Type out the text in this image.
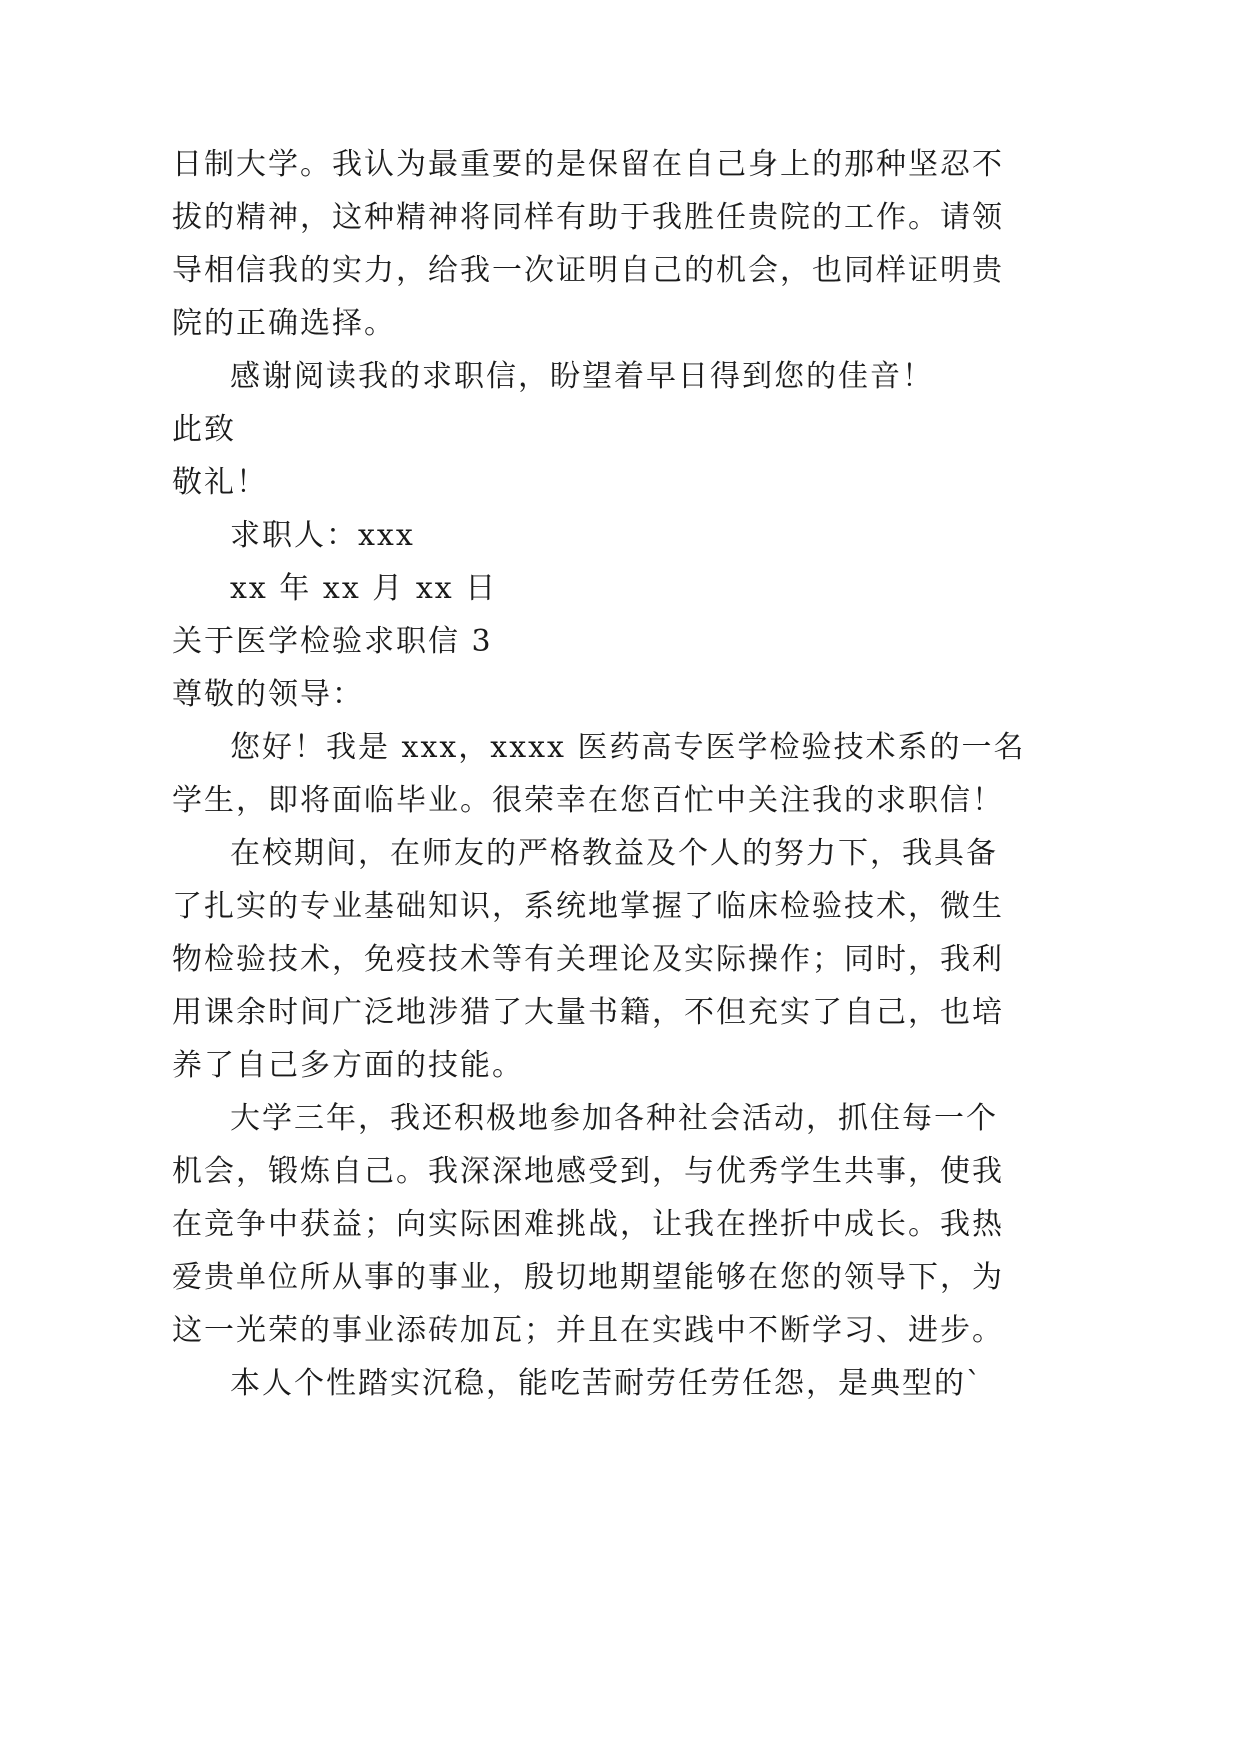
日制大学。我认为最重要的是保留在自己身上的那种坚忍不
拔的精神，这种精神将同样有助于我胜任贵院的工作。请领
导相信我的实力，给我一次证明自己的机会，也同样证明贵
院的正确选择。
感谢阅读我的求职信，盼望着早日得到您的佳音！
此致
敬礼！
求职人：xxx
xx 年 xx 月 xx 日
关于医学检验求职信 3
尊敬的领导：
您好！我是 xxx，xxxx 医药高专医学检验技术系的一名
学生，即将面临毕业。很荣幸在您百忙中关注我的求职信！
在校期间，在师友的严格教益及个人的努力下，我具备
了扎实的专业基础知识，系统地掌握了临床检验技术，微生
物检验技术，免疫技术等有关理论及实际操作；同时，我利
用课余时间广泛地涉猎了大量书籍，不但充实了自己，也培
养了自己多方面的技能。
大学三年，我还积极地参加各种社会活动，抓住每一个
机会，锻炼自己。我深深地感受到，与优秀学生共事，使我
在竞争中获益；向实际困难挑战，让我在挫折中成长。我热
爱贵单位所从事的事业，殷切地期望能够在您的领导下，为
这一光荣的事业添砖加瓦；并且在实践中不断学习、进步。
本人个性踏实沉稳，能吃苦耐劳任劳任怨，是典型的`
